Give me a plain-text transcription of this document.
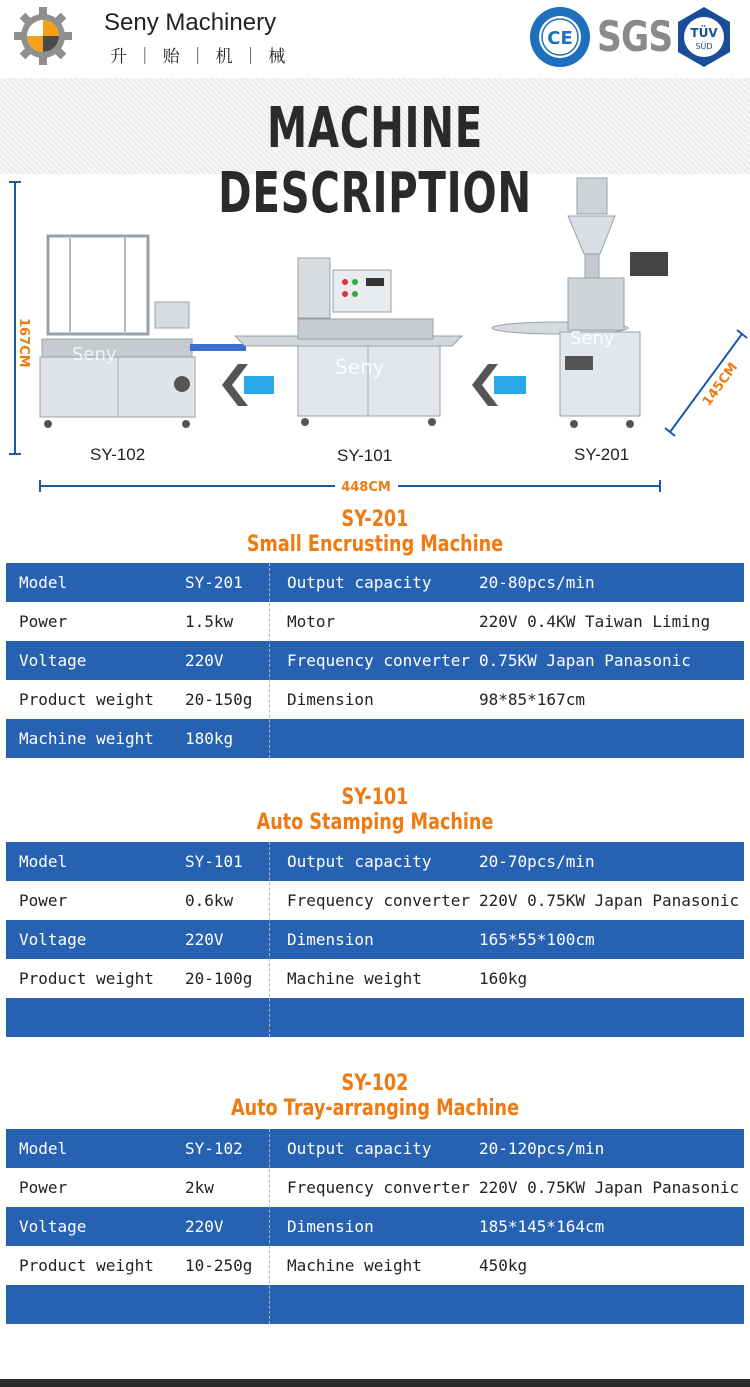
Seny Machinery
升 ｜ 贻 ｜ 机 ｜ 械
CE SGS TÜV
SÜD
MACHINE DESCRIPTION
167CM Seny
Seny
Seny
145CM
448CM
SY-102	SY-101	SY-201
SY-201
Small Encrusting Machine
Model	SY-201	Output capacity	20-80pcs/min
Power	1.5kw	Motor	220V 0.4KW Taiwan Liming
Voltage	220V	Frequency converter 0.75KW Japan Panasonic
Product weight 20-150g Dimension	98*85*167cm
Machine weight 180kg
SY-101
Auto Stamping Machine
Model	SY-101	Output capacity	20-70pcs/min
Power	0.6kw	Frequency converter 220V 0.75KW Japan Panasonic
Voltage	220V	Dimension	165*55*100cm
Product weight 20-100g Machine weight	160kg
SY-102
Auto Tray-arranging Machine
Model	SY-102	Output capacity	20-120pcs/min
Power	2kw	Frequency converter 220V 0.75KW Japan Panasonic
Voltage	220V	Dimension	185*145*164cm
Product weight 10-250g Machine weight	450kg
